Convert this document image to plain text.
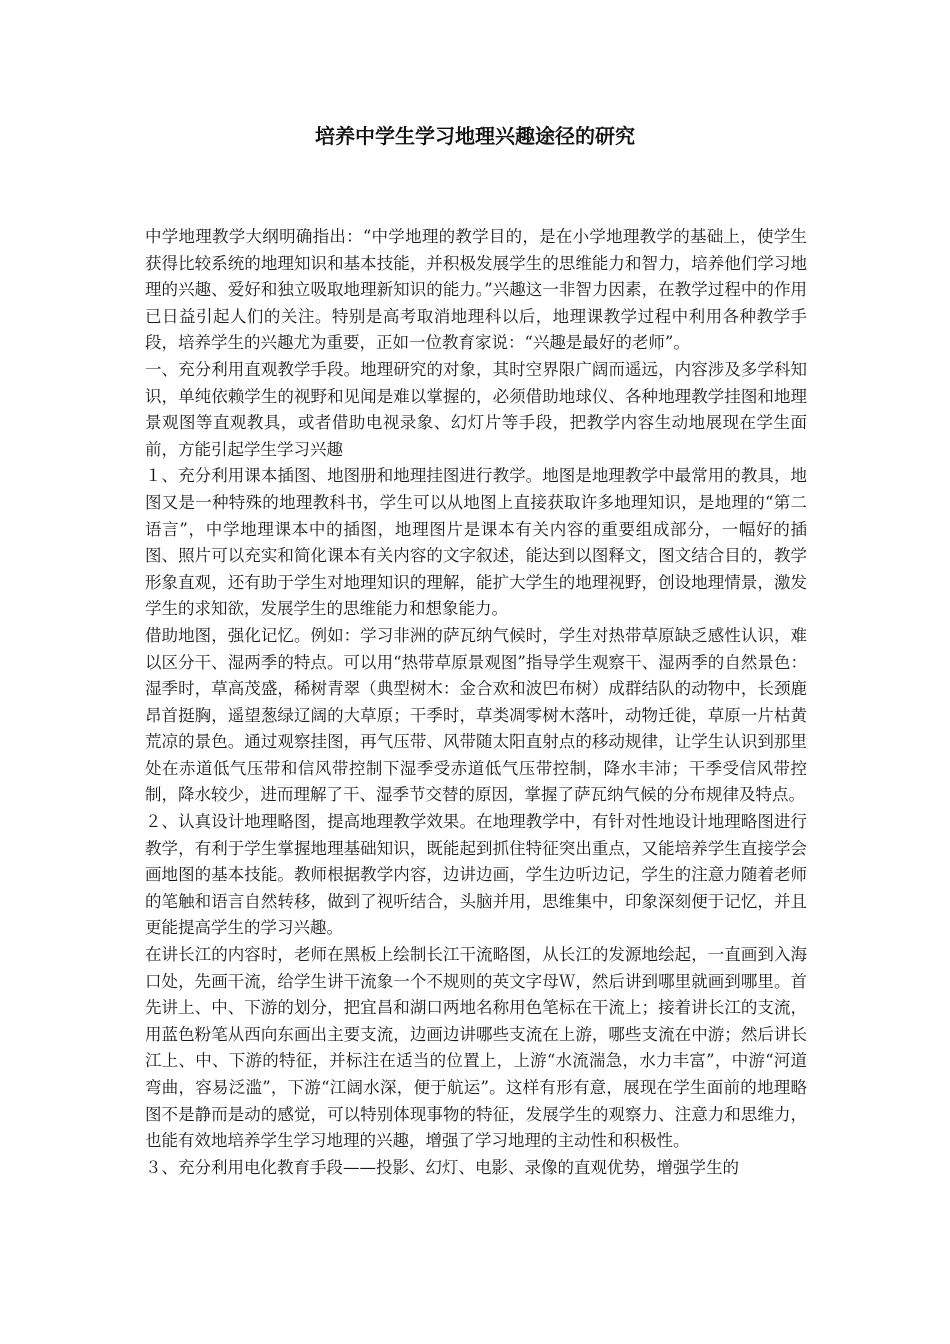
培养中学生学习地理兴趣途径的研究

中学地理教学大纲明确指出：“中学地理的教学目的，是在小学地理教学的基础上，使学生获得比较系统的地理知识和基本技能，并积极发展学生的思维能力和智力，培养他们学习地理的兴趣、爱好和独立吸取地理新知识的能力。”兴趣这一非智力因素，在教学过程中的作用已日益引起人们的关注。特别是高考取消地理科以后，地理课教学过程中利用各种教学手段，培养学生的兴趣尤为重要，正如一位教育家说：“兴趣是最好的老师”。

一、充分利用直观教学手段。地理研究的对象，其时空界限广阔而遥远，内容涉及多学科知识，单纯依赖学生的视野和见闻是难以掌握的，必须借助地球仪、各种地理教学挂图和地理景观图等直观教具，或者借助电视录象、幻灯片等手段，把教学内容生动地展现在学生面前，方能引起学生学习兴趣

１、充分利用课本插图、地图册和地理挂图进行教学。地图是地理教学中最常用的教具，地图又是一种特殊的地理教科书，学生可以从地图上直接获取许多地理知识，是地理的“第二语言”，中学地理课本中的插图，地理图片是课本有关内容的重要组成部分，一幅好的插图、照片可以充实和简化课本有关内容的文字叙述，能达到以图释文，图文结合目的，教学形象直观，还有助于学生对地理知识的理解，能扩大学生的地理视野，创设地理情景，激发学生的求知欲，发展学生的思维能力和想象能力。

借助地图，强化记忆。例如：学习非洲的萨瓦纳气候时，学生对热带草原缺乏感性认识，难以区分干、湿两季的特点。可以用“热带草原景观图”指导学生观察干、湿两季的自然景色：湿季时，草高茂盛，稀树青翠（典型树木：金合欢和波巴布树）成群结队的动物中，长颈鹿昂首挺胸，遥望葱绿辽阔的大草原；干季时，草类凋零树木落叶，动物迁徙，草原一片枯黄荒凉的景色。通过观察挂图，再气压带、风带随太阳直射点的移动规律，让学生认识到那里处在赤道低气压带和信风带控制下湿季受赤道低气压带控制，降水丰沛；干季受信风带控制，降水较少，进而理解了干、湿季节交替的原因，掌握了萨瓦纳气候的分布规律及特点。

２、认真设计地理略图，提高地理教学效果。在地理教学中，有针对性地设计地理略图进行教学，有利于学生掌握地理基础知识，既能起到抓住特征突出重点，又能培养学生直接学会画地图的基本技能。教师根据教学内容，边讲边画，学生边听边记，学生的注意力随着老师的笔触和语言自然转移，做到了视听结合，头脑并用，思维集中，印象深刻便于记忆，并且更能提高学生的学习兴趣。

在讲长江的内容时，老师在黑板上绘制长江干流略图，从长江的发源地绘起，一直画到入海口处，先画干流，给学生讲干流象一个不规则的英文字母Ｗ，然后讲到哪里就画到哪里。首先讲上、中、下游的划分，把宜昌和湖口两地名称用色笔标在干流上；接着讲长江的支流，用蓝色粉笔从西向东画出主要支流，边画边讲哪些支流在上游，哪些支流在中游；然后讲长江上、中、下游的特征，并标注在适当的位置上，上游“水流湍急，水力丰富”，中游“河道弯曲，容易泛滥”，下游“江阔水深，便于航运”。这样有形有意，展现在学生面前的地理略图不是静而是动的感觉，可以特别体现事物的特征，发展学生的观察力、注意力和思维力，也能有效地培养学生学习地理的兴趣，增强了学习地理的主动性和积极性。

３、充分利用电化教育手段——投影、幻灯、电影、录像的直观优势，增强学生的
